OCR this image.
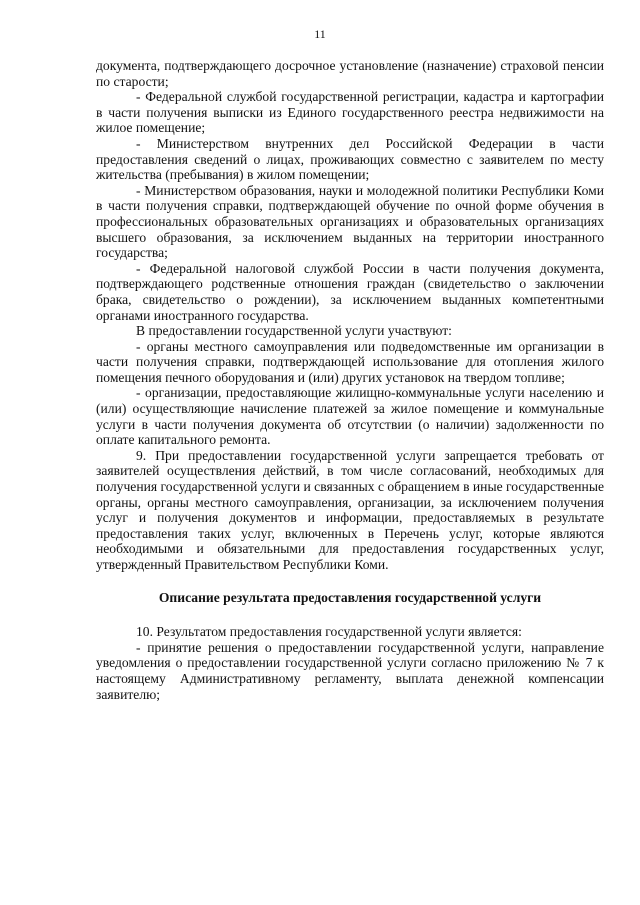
11

документа, подтверждающего досрочное установление (назначение) страховой пенсии по старости;

- Федеральной службой государственной регистрации, кадастра и картографии в части получения выписки из Единого государственного реестра недвижимости на жилое помещение;

- Министерством внутренних дел Российской Федерации в части предоставления сведений о лицах, проживающих совместно с заявителем по месту жительства (пребывания) в жилом помещении;

- Министерством образования, науки и молодежной политики Республики Коми в части получения справки, подтверждающей обучение по очной форме обучения в профессиональных образовательных организациях и образовательных организациях высшего образования, за исключением выданных на территории иностранного государства;

- Федеральной налоговой службой России в части получения документа, подтверждающего родственные отношения граждан (свидетельство о заключении брака, свидетельство о рождении), за исключением выданных компетентными органами иностранного государства.

В предоставлении государственной услуги участвуют:

- органы местного самоуправления или подведомственные им организации в части получения справки, подтверждающей использование для отопления жилого помещения печного оборудования и (или) других установок на твердом топливе;

- организации, предоставляющие жилищно-коммунальные услуги населению и (или) осуществляющие начисление платежей за жилое помещение и коммунальные услуги в части получения документа об отсутствии (о наличии) задолженности по оплате капитального ремонта.

9. При предоставлении государственной услуги запрещается требовать от заявителей осуществления действий, в том числе согласований, необходимых для получения государственной услуги и связанных с обращением в иные государственные органы, органы местного самоуправления, организации, за исключением получения услуг и получения документов и информации, предоставляемых в результате предоставления таких услуг, включенных в Перечень услуг, которые являются необходимыми и обязательными для предоставления государственных услуг, утвержденный Правительством Республики Коми.

Описание результата предоставления государственной услуги

10. Результатом предоставления государственной услуги является:

- принятие решения о предоставлении государственной услуги, направление уведомления о предоставлении государственной услуги согласно приложению № 7 к настоящему Административному регламенту, выплата денежной компенсации заявителю;
